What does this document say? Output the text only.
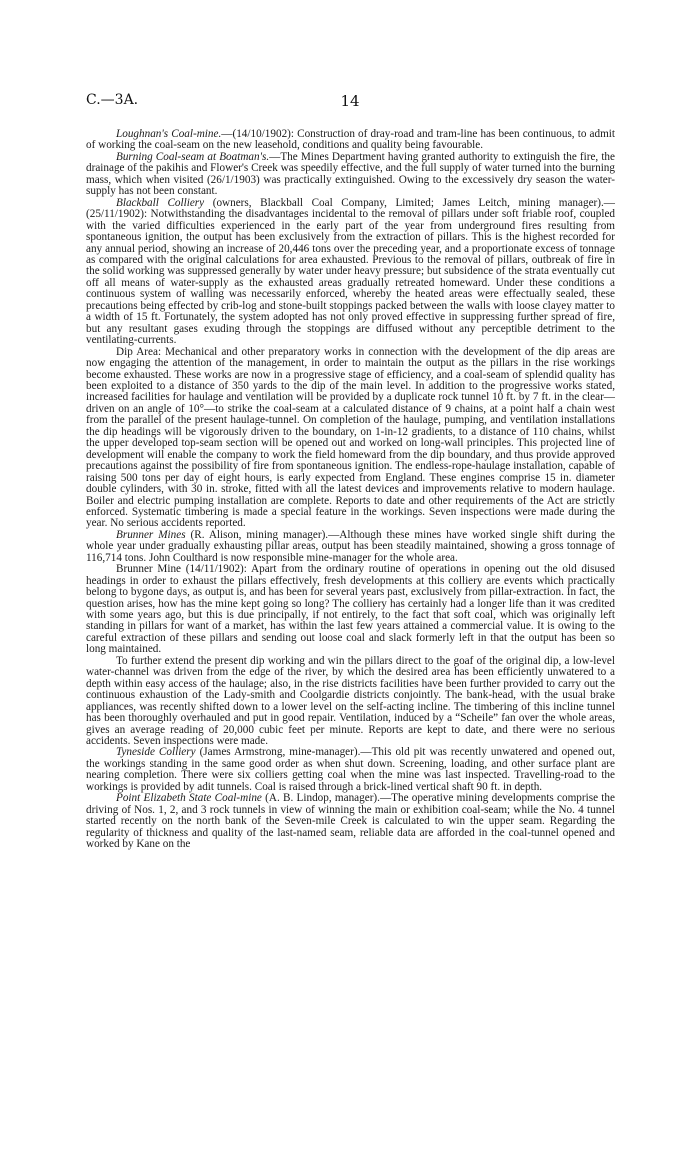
C.—3A.	14

Loughnan's Coal-mine.—(14/10/1902): Construction of dray-road and tram-line has been continuous, to admit of working the coal-seam on the new leasehold, conditions and quality being favourable.

Burning Coal-seam at Boatman's.—The Mines Department having granted authority to extinguish the fire, the drainage of the pakihis and Flower's Creek was speedily effective, and the full supply of water turned into the burning mass, which when visited (26/1/1903) was practically extinguished. Owing to the excessively dry season the water-supply has not been constant.

Blackball Colliery (owners, Blackball Coal Company, Limited; James Leitch, mining manager).—(25/11/1902): Notwithstanding the disadvantages incidental to the removal of pillars under soft friable roof, coupled with the varied difficulties experienced in the early part of the year from underground fires resulting from spontaneous ignition, the output has been exclusively from the extraction of pillars. This is the highest recorded for any annual period, showing an increase of 20,446 tons over the preceding year, and a proportionate excess of tonnage as compared with the original calculations for area exhausted. Previous to the removal of pillars, outbreak of fire in the solid working was suppressed generally by water under heavy pressure; but subsidence of the strata eventually cut off all means of water-supply as the exhausted areas gradually retreated homeward. Under these conditions a continuous system of walling was necessarily enforced, whereby the heated areas were effectually sealed, these precautions being effected by crib-log and stone-built stoppings packed between the walls with loose clayey matter to a width of 15 ft. Fortunately, the system adopted has not only proved effective in suppressing further spread of fire, but any resultant gases exuding through the stoppings are diffused without any perceptible detriment to the ventilating-currents.

Dip Area: Mechanical and other preparatory works in connection with the development of the dip areas are now engaging the attention of the management, in order to maintain the output as the pillars in the rise workings become exhausted. These works are now in a progressive stage of efficiency, and a coal-seam of splendid quality has been exploited to a distance of 350 yards to the dip of the main level. In addition to the progressive works stated, increased facilities for haulage and ventilation will be provided by a duplicate rock tunnel 10 ft. by 7 ft. in the clear—driven on an angle of 10°—to strike the coal-seam at a calculated distance of 9 chains, at a point half a chain west from the parallel of the present haulage-tunnel. On completion of the haulage, pumping, and ventilation installations the dip headings will be vigorously driven to the boundary, on 1-in-12 gradients, to a distance of 110 chains, whilst the upper developed top-seam section will be opened out and worked on long-wall principles. This projected line of development will enable the company to work the field homeward from the dip boundary, and thus provide approved precautions against the possibility of fire from spontaneous ignition. The endless-rope-haulage installation, capable of raising 500 tons per day of eight hours, is early expected from England. These engines comprise 15 in. diameter double cylinders, with 30 in. stroke, fitted with all the latest devices and improvements relative to modern haulage. Boiler and electric pumping installation are complete. Reports to date and other requirements of the Act are strictly enforced. Systematic timbering is made a special feature in the workings. Seven inspections were made during the year. No serious accidents reported.

Brunner Mines (R. Alison, mining manager).—Although these mines have worked single shift during the whole year under gradually exhausting pillar areas, output has been steadily maintained, showing a gross tonnage of 116,714 tons. John Coulthard is now responsible mine-manager for the whole area.

Brunner Mine (14/11/1902): Apart from the ordinary routine of operations in opening out the old disused headings in order to exhaust the pillars effectively, fresh developments at this colliery are events which practically belong to bygone days, as output is, and has been for several years past, exclusively from pillar-extraction. In fact, the question arises, how has the mine kept going so long? The colliery has certainly had a longer life than it was credited with some years ago, but this is due principally, if not entirely, to the fact that soft coal, which was originally left standing in pillars for want of a market, has within the last few years attained a commercial value. It is owing to the careful extraction of these pillars and sending out loose coal and slack formerly left in that the output has been so long maintained.

To further extend the present dip working and win the pillars direct to the goaf of the original dip, a low-level water-channel was driven from the edge of the river, by which the desired area has been efficiently unwatered to a depth within easy access of the haulage; also, in the rise districts facilities have been further provided to carry out the continuous exhaustion of the Lady-smith and Coolgardie districts conjointly. The bank-head, with the usual brake appliances, was recently shifted down to a lower level on the self-acting incline. The timbering of this incline tunnel has been thoroughly overhauled and put in good repair. Ventilation, induced by a “Scheile” fan over the whole areas, gives an average reading of 20,000 cubic feet per minute. Reports are kept to date, and there were no serious accidents. Seven inspections were made.

Tyneside Colliery (James Armstrong, mine-manager).—This old pit was recently unwatered and opened out, the workings standing in the same good order as when shut down. Screening, loading, and other surface plant are nearing completion. There were six colliers getting coal when the mine was last inspected. Travelling-road to the workings is provided by adit tunnels. Coal is raised through a brick-lined vertical shaft 90 ft. in depth.

Point Elizabeth State Coal-mine (A. B. Lindop, manager).—The operative mining developments comprise the driving of Nos. 1, 2, and 3 rock tunnels in view of winning the main or exhibition coal-seam; while the No. 4 tunnel started recently on the north bank of the Seven-mile Creek is calculated to win the upper seam. Regarding the regularity of thickness and quality of the last-named seam, reliable data are afforded in the coal-tunnel opened and worked by Kane on the
